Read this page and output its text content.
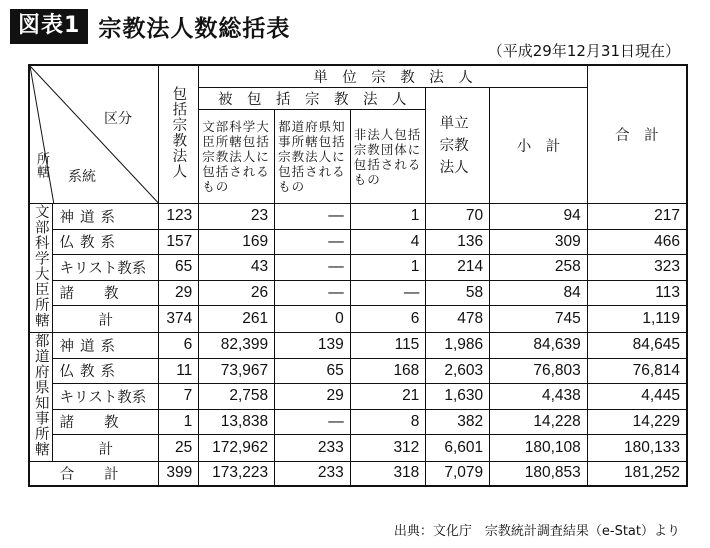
図表1 宗教法人数総括表
（平成29年12月31日現在）
区分
所轄 系統		包括宗教法人	単　位　宗　教　法　人					合　計
			被　包　括　宗　教　法　人			単立宗教法人	小　計	
			文部科学大臣所轄包括宗教法人に包括されるもの	都道府県知事所轄包括宗教法人に包括されるもの	非法人包括宗教団体に包括されるもの			
文部科学大臣所轄	神道系	123	23	—	1	70	94	217
	仏教系	157	169	—	4	136	309	466
	キリスト教系	65	43	—	1	214	258	323
	諸教	29	26	—	—	58	84	113
	計	374	261	0	6	478	745	1,119
都道府県知事所轄	神道系	6	82,399	139	115	1,986	84,639	84,645
	仏教系	11	73,967	65	168	2,603	76,803	76,814
	キリスト教系	7	2,758	29	21	1,630	4,438	4,445
	諸教	1	13,838	—	8	382	14,228	14,229
	計	25	172,962	233	312	6,601	180,108	180,133
合計		399	173,223	233	318	7,079	180,853	181,252
出典：文化庁　宗教統計調査結果（e-Stat）より
